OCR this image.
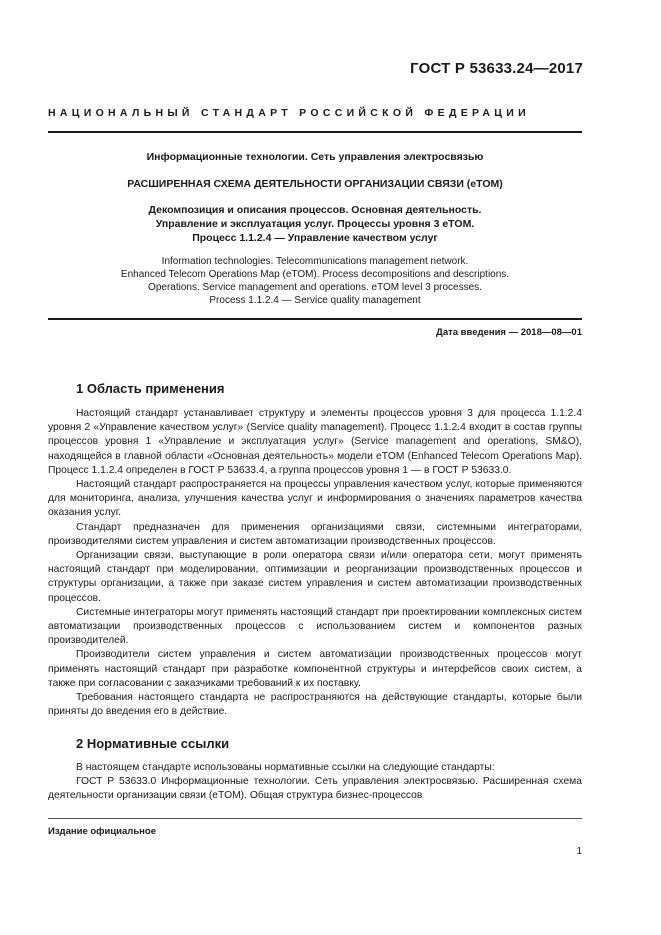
ГОСТ Р 53633.24—2017
НАЦИОНАЛЬНЫЙ СТАНДАРТ РОССИЙСКОЙ ФЕДЕРАЦИИ
Информационные технологии. Сеть управления электросвязью
РАСШИРЕННАЯ СХЕМА ДЕЯТЕЛЬНОСТИ ОРГАНИЗАЦИИ СВЯЗИ (eTOM)
Декомпозиция и описания процессов. Основная деятельность.
Управление и эксплуатация услуг. Процессы уровня 3 eTOM.
Процесс 1.1.2.4 — Управление качеством услуг
Information technologies. Telecommunications management network.
Enhanced Telecom Operations Map (eTOM). Process decompositions and descriptions.
Operations. Service management and operations. eTOM level 3 processes.
Process 1.1.2.4 — Service quality management
Дата введения — 2018—08—01
1 Область применения

Настоящий стандарт устанавливает структуру и элементы процессов уровня 3 для процесса 1.1.2.4 уровня 2 «Управление качеством услуг» (Service quality management). Процесс 1.1.2.4 входит в состав группы процессов уровня 1 «Управление и эксплуатация услуг» (Service management and operations, SM&O), находящейся в главной области «Основная деятельность» модели eTOM (Enhanced Telecom Operations Map). Процесс 1.1.2.4 определен в ГОСТ Р 53633.4, а группа процессов уровня 1 — в ГОСТ Р 53633.0.

Настоящий стандарт распространяется на процессы управления качеством услуг, которые применяются для мониторинга, анализа, улучшения качества услуг и информирования о значениях параметров качества оказания услуг.

Стандарт предназначен для применения организациями связи, системными интеграторами, производителями систем управления и систем автоматизации производственных процессов.

Организации связи, выступающие в роли оператора связи и/или оператора сети, могут применять настоящий стандарт при моделировании, оптимизации и реорганизации производственных процессов и структуры организации, а также при заказе систем управления и систем автоматизации производственных процессов.

Системные интеграторы могут применять настоящий стандарт при проектировании комплексных систем автоматизации производственных процессов с использованием систем и компонентов разных производителей.

Производители систем управления и систем автоматизации производственных процессов могут применять настоящий стандарт при разработке компонентной структуры и интерфейсов своих систем, а также при согласовании с заказчиками требований к их поставку.

Требования настоящего стандарта не распространяются на действующие стандарты, которые были приняты до введения его в действие.

2 Нормативные ссылки

В настоящем стандарте использованы нормативные ссылки на следующие стандарты:

ГОСТ Р 53633.0 Информационные технологии. Сеть управления электросвязью. Расширенная схема деятельности организации связи (eTOM). Общая структура бизнес-процессов

Издание официальное
1
